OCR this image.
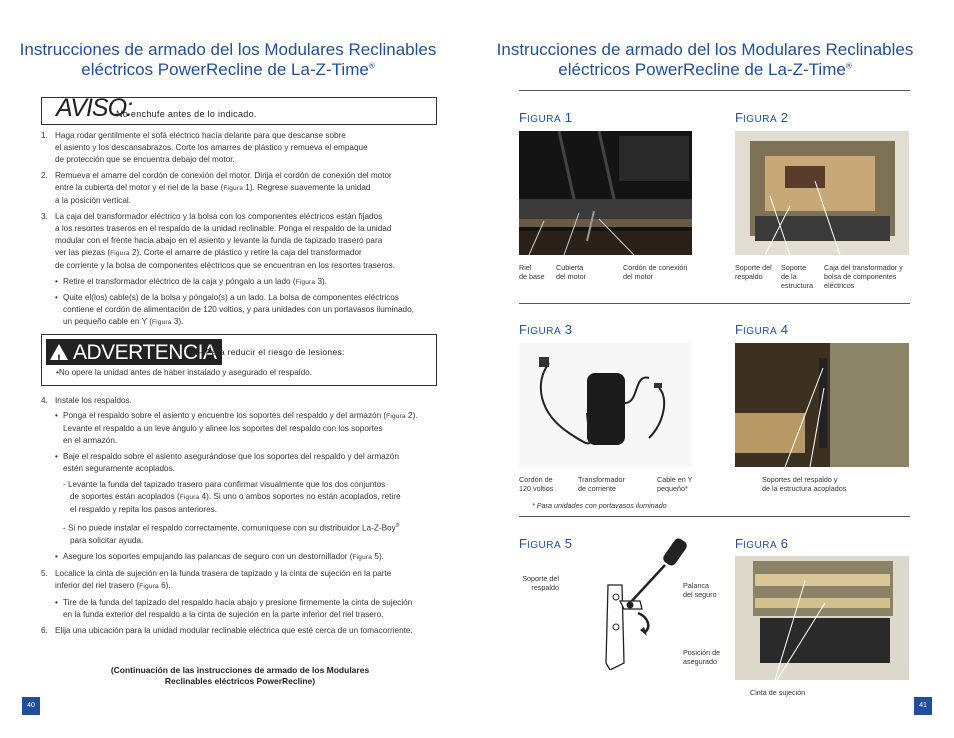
Instrucciones de armado del los Modulares Reclinables
eléctricos PowerRecline de La-Z-Time®
AVISO:
No enchufe antes de lo indicado.
1. Haga rodar gentilmente el sofá eléctrico hacía delante para que descanse sobre
el asiento y los descansabrazos. Corte los amarres de plástico y remueva el empaque
de protección que se encuentra debajo del motor.
2. Remueva el amarre del cordón de conexión del motor. Dirija el cordón de conexión del motor
entre la cubierta del motor y el riel de la base (Figura 1). Regrese suavemente la unidad
a la posición vertical.
3. La caja del transformador eléctrico y la bolsa con los componentes eléctricos están fijados
a los resortes traseros en el respaldo de la unidad reclinable. Ponga el respaldo de la unidad
modular con el frente hacia abajo en el asiento y levante la funda de tapizado trasero para
ver las piezas (Figura 2). Corte el amarre de plástico y retire la caja del transformador
de corriente y la bolsa de componentes eléctricos que se encuentran en los resortes traseros.
• Retire el transformador eléctrico de la caja y póngalo a un lado (Figura 3).
• Quite el(los) cable(s) de la bolsa y póngalo(s) a un lado. La bolsa de componentes eléctricos
contiene el cordón de alimentación de 120 voltios, y para unidades con un portavasos iluminado,
un pequeño cable en Y (Figura 3).
! ADVERTENCIA
– Para reducir el riesgo de lesiones:
•No opere la unidad antes de haber instalado y asegurado el respaldo.
4. Instale los respaldos.
• Ponga el respaldo sobre el asiento y encuentre los soportes del respaldo y del armazón (Figura 2).
Levante el respaldo a un leve ángulo y alinee los soportes del respaldo con los soportes
en el armazón.
• Baje el respaldo sobre el asiento asegurándose que los soportes del respaldo y del armazón
estén seguramente acoplados.
- Levante la funda del tapizado trasero para confirmar visualmente que los dos conjuntos
de soportes están acoplados (Figura 4). Si uno o ambos soportes no están acoplados, retire
el respaldo y repita los pasos anteriores.
- Si no puede instalar el respaldo correctamente, comuníquese con su distribuidor La-Z-Boy®
para solicitar ayuda.
• Asegure los soportes empujando las palancas de seguro con un destornillador (Figura 5).
5. Localice la cinta de sujeción en la funda trasera de tapizado y la cinta de sujeción en la parte
inferior del riel trasero (Figura 6).
• Tire de la funda del tapizado del respaldo hacia abajo y presione firmemente la cinta de sujeción
en la funda exterior del respaldo a la cinta de sujeción en la parte inferior del riel trasero.
6. Elija una ubicación para la unidad modular reclinable eléctrica que esté cerca de un tomacorriente.
(Continuación de las instrucciones de armado de los Modulares
Reclinables eléctricos PowerRecline)
40
Instrucciones de armado del los Modulares Reclinables
eléctricos PowerRecline de La-Z-Time®
FIGURA 1	FIGURA 2
FIGURA 3	FIGURA 4
FIGURA 5	FIGURA 6
Riel
de base
Cubierta
del motor
Cordón de conexión
del motor
Soporte del
respaldo
Soporte
de la
estructura
Caja del transformador y
bolsa de componentes
eléctricos
Cordón de
120 voltios
Transformador
de corriente
Cable en Y
pequeño*
* Para unidades con portavasos iluminado
Soportes del respaldo y
de la estructura acoplados
Soporte del
respaldo	Palanca
del seguro
Posición de
asegurado
Cinta de sujeción
41
